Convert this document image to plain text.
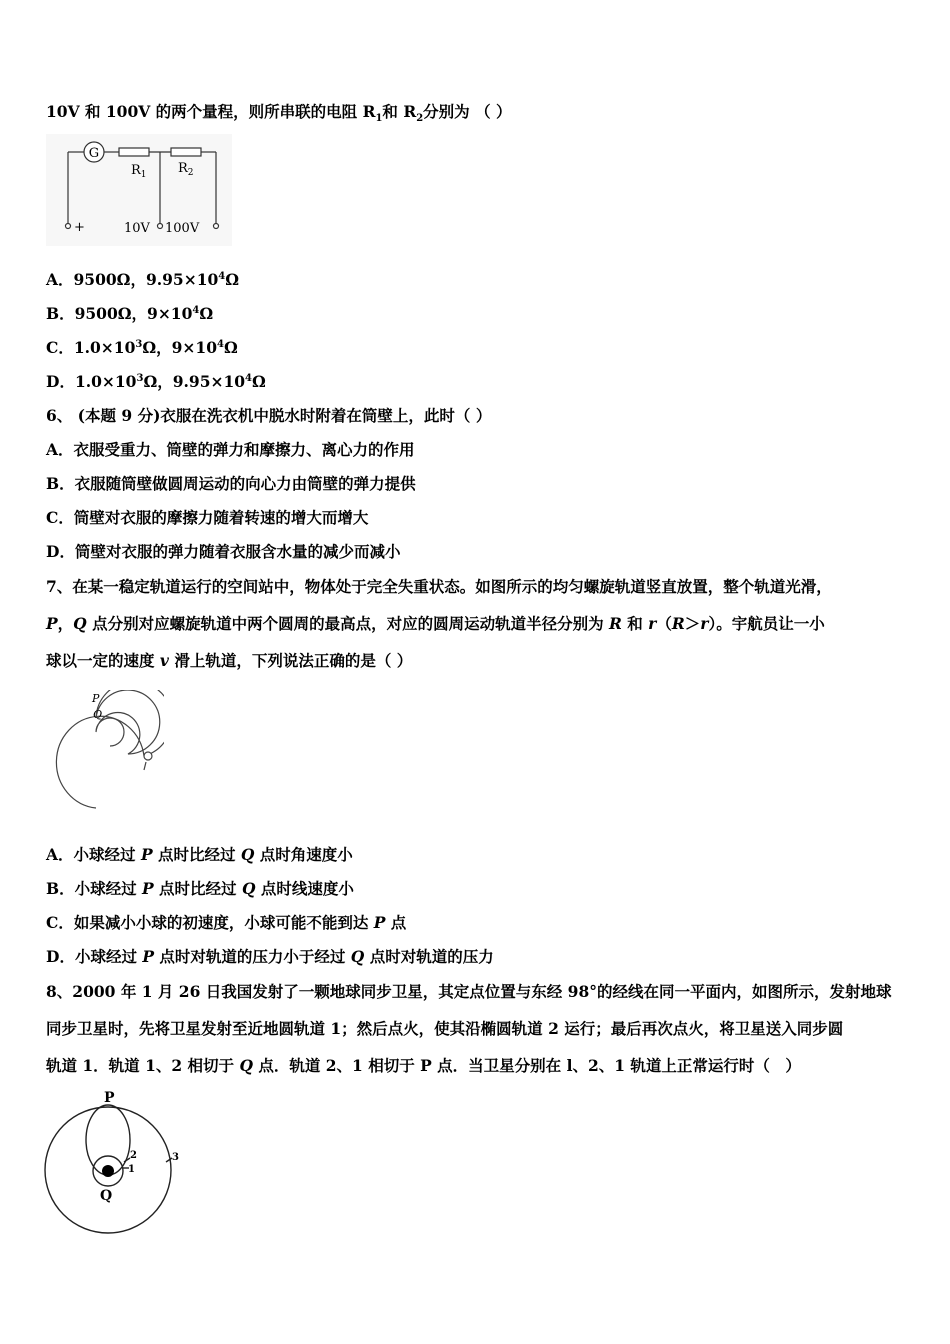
10V 和 100V 的两个量程，则所串联的电阻 $R_1$和 $R_2$分别为 （ ）
G
$R_1$ $R_2$
+	10V 100V
A．9500Ω，$9.95\times 10^4\Omega$
B．9500Ω，$9\times 10^4\Omega$
C．$1.0\times 10^3\Omega$，$9\times 10^4\Omega$
D．$1.0\times 10^3\Omega$，$9.95\times 10^4\Omega$
6、 (本题 9 分)衣服在洗衣机中脱水时附着在筒壁上，此时（ ）
A．衣服受重力、筒壁的弹力和摩擦力、离心力的作用
B．衣服随筒壁做圆周运动的向心力由筒壁的弹力提供
C．筒壁对衣服的摩擦力随着转速的增大而增大
D．筒壁对衣服的弹力随着衣服含水量的减少而减小
7、在某一稳定轨道运行的空间站中，物体处于完全失重状态。如图所示的均匀螺旋轨道竖直放置，整个轨道光滑，
P，Q 点分别对应螺旋轨道中两个圆周的最高点，对应的圆周运动轨道半径分别为 R 和 r（R＞r）。宇航员让一小
球以一定的速度 v 滑上轨道，下列说法正确的是（ ）
P
Q
A．小球经过 P 点时比经过 Q 点时角速度小
B．小球经过 P 点时比经过 Q 点时线速度小
C．如果减小小球的初速度，小球可能不能到达 P 点
D．小球经过 P 点时对轨道的压力小于经过 Q 点时对轨道的压力
8、2000 年 1 月 26 日我国发射了一颗地球同步卫星，其定点位置与东经 98°的经线在同一平面内，如图所示，发射地球
同步卫星时，先将卫星发射至近地圆轨道 1；然后点火，使其沿椭圆轨道 2 运行；最后再次点火，将卫星送入同步圆
轨道 1．轨道 1、2 相切于 Q 点．轨道 2、1 相切于 P 点．当卫星分别在 l、2、1 轨道上正常运行时（　）
P
Q
2
1
3
